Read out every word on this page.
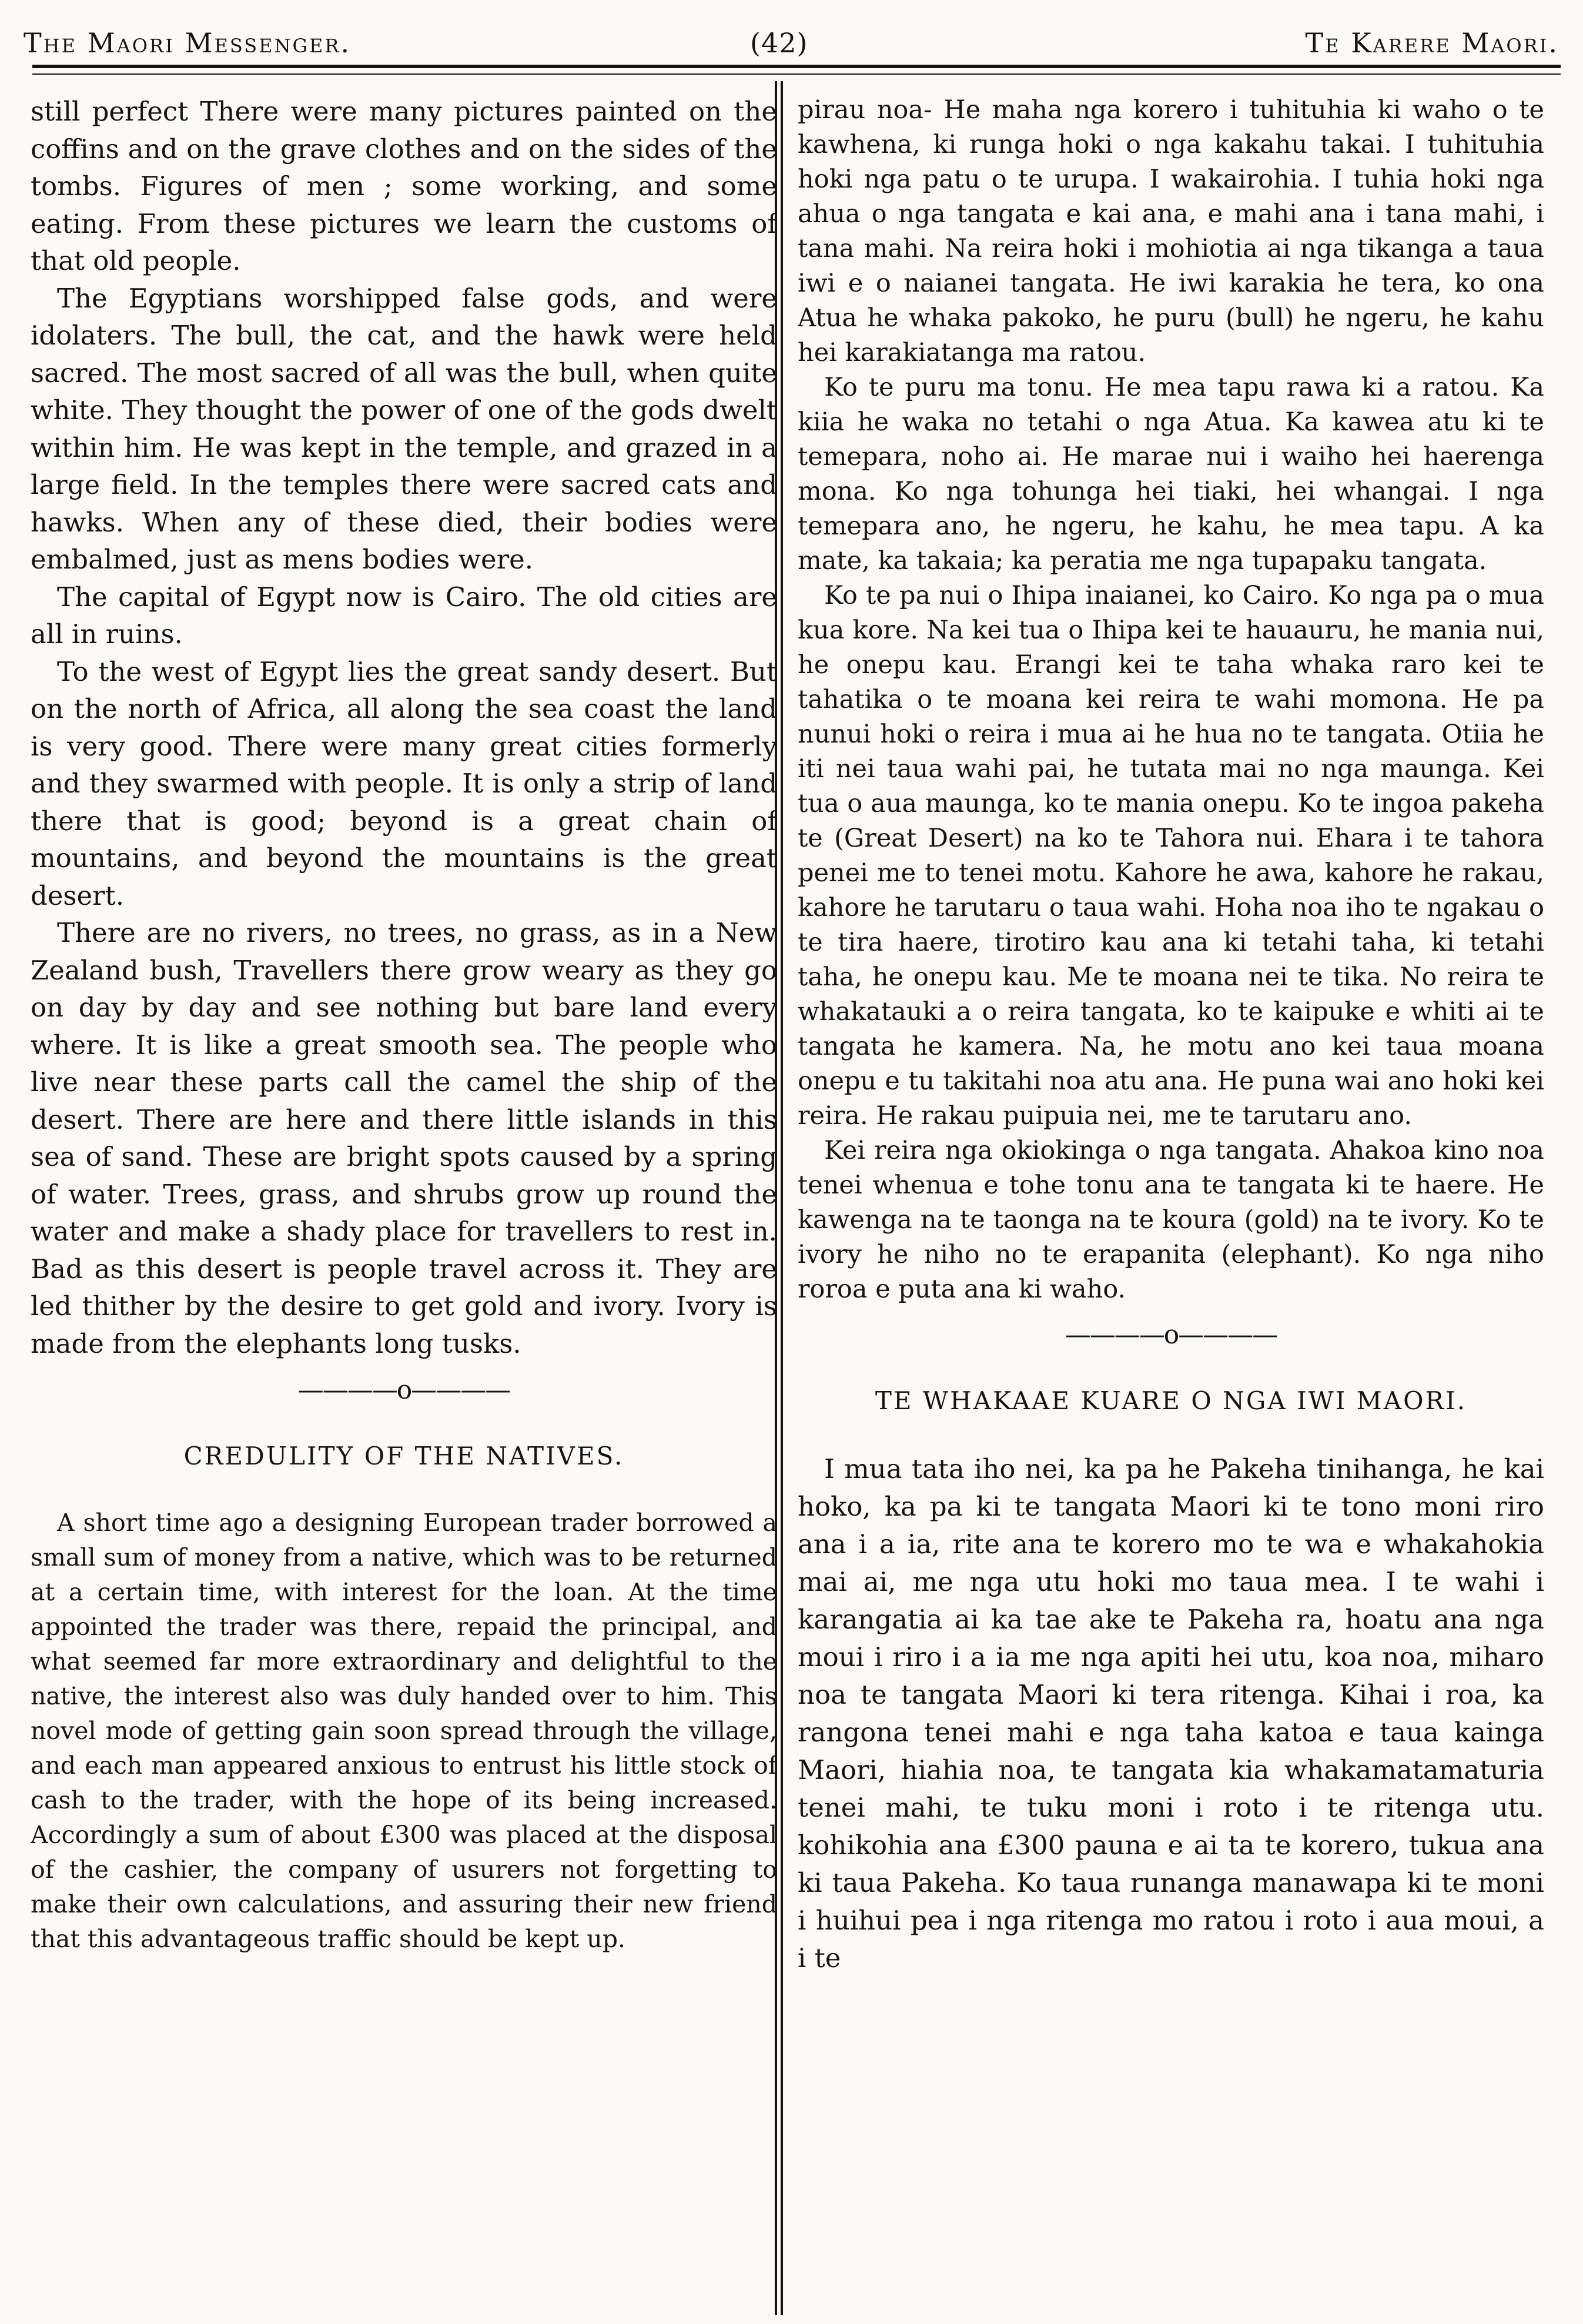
The Maori Messenger.	(42)	Te Karere Maori.

still perfect There were many pictures painted on the coffins and on the grave clothes and on the sides of the tombs. Figures of men ; some working, and some eating. From these pictures we learn the customs of that old people.

The Egyptians worshipped false gods, and were idolaters. The bull, the cat, and the hawk were held sacred. The most sacred of all was the bull, when quite white. They thought the power of one of the gods dwelt within him. He was kept in the temple, and grazed in a large field. In the temples there were sacred cats and hawks. When any of these died, their bodies were embalmed, just as mens bodies were.

The capital of Egypt now is Cairo. The old cities are all in ruins.

To the west of Egypt lies the great sandy desert. But on the north of Africa, all along the sea coast the land is very good. There were many great cities formerly and they swarmed with people. It is only a strip of land there that is good; beyond is a great chain of mountains, and beyond the mountains is the great desert.

There are no rivers, no trees, no grass, as in a New Zealand bush, Travellers there grow weary as they go on day by day and see nothing but bare land every where. It is like a great smooth sea. The people who live near these parts call the camel the ship of the desert. There are here and there little islands in this sea of sand. These are bright spots caused by a spring of water. Trees, grass, and shrubs grow up round the water and make a shady place for travellers to rest in. Bad as this desert is people travel across it. They are led thither by the desire to get gold and ivory. Ivory is made from the elephants long tusks.

————o————
CREDULITY OF THE NATIVES.

A short time ago a designing European trader borrowed a small sum of money from a native, which was to be returned at a certain time, with interest for the loan. At the time appointed the trader was there, repaid the principal, and what seemed far more extraordinary and delightful to the native, the interest also was duly handed over to him. This novel mode of getting gain soon spread through the village, and each man appeared anxious to entrust his little stock of cash to the trader, with the hope of its being increased. Accordingly a sum of about £300 was placed at the disposal of the cashier, the company of usurers not forgetting to make their own calculations, and assuring their new friend that this advantageous traffic should be kept up.

pirau noa- He maha nga korero i tuhituhia ki waho o te kawhena, ki runga hoki o nga kakahu takai. I tuhituhia hoki nga patu o te urupa. I wakairohia. I tuhia hoki nga ahua o nga tangata e kai ana, e mahi ana i tana mahi, i tana mahi. Na reira hoki i mohiotia ai nga tikanga a taua iwi e o naianei tangata. He iwi karakia he tera, ko ona Atua he whaka pakoko, he puru (bull) he ngeru, he kahu hei karakiatanga ma ratou.

Ko te puru ma tonu. He mea tapu rawa ki a ratou. Ka kiia he waka no tetahi o nga Atua. Ka kawea atu ki te temepara, noho ai. He marae nui i waiho hei haerenga mona. Ko nga tohunga hei tiaki, hei whangai. I nga temepara ano, he ngeru, he kahu, he mea tapu. A ka mate, ka takaia; ka peratia me nga tupapaku tangata.

Ko te pa nui o Ihipa inaianei, ko Cairo. Ko nga pa o mua kua kore. Na kei tua o Ihipa kei te hauauru, he mania nui, he onepu kau. Erangi kei te taha whaka raro kei te tahatika o te moana kei reira te wahi momona. He pa nunui hoki o reira i mua ai he hua no te tangata. Otiia he iti nei taua wahi pai, he tutata mai no nga maunga. Kei tua o aua maunga, ko te mania onepu. Ko te ingoa pakeha te (Great Desert) na ko te Tahora nui. Ehara i te tahora penei me to tenei motu. Kahore he awa, kahore he rakau, kahore he tarutaru o taua wahi. Hoha noa iho te ngakau o te tira haere, tirotiro kau ana ki tetahi taha, ki tetahi taha, he onepu kau. Me te moana nei te tika. No reira te whakatauki a o reira tangata, ko te kaipuke e whiti ai te tangata he kamera. Na, he motu ano kei taua moana onepu e tu takitahi noa atu ana. He puna wai ano hoki kei reira. He rakau puipuia nei, me te tarutaru ano.

Kei reira nga okiokinga o nga tangata. Ahakoa kino noa tenei whenua e tohe tonu ana te tangata ki te haere. He kawenga na te taonga na te koura (gold) na te ivory. Ko te ivory he niho no te erapanita (elephant). Ko nga niho roroa e puta ana ki waho.

————o————
TE WHAKAAE KUARE O NGA IWI MAORI.

I mua tata iho nei, ka pa he Pakeha tinihanga, he kai hoko, ka pa ki te tangata Maori ki te tono moni riro ana i a ia, rite ana te korero mo te wa e whakahokia mai ai, me nga utu hoki mo taua mea. I te wahi i karangatia ai ka tae ake te Pakeha ra, hoatu ana nga moui i riro i a ia me nga apiti hei utu, koa noa, miharo noa te tangata Maori ki tera ritenga. Kihai i roa, ka rangona tenei mahi e nga taha katoa e taua kainga Maori, hiahia noa, te tangata kia whakamatamaturia tenei mahi, te tuku moni i roto i te ritenga utu. kohikohia ana £300 pauna e ai ta te korero, tukua ana ki taua Pakeha. Ko taua runanga manawapa ki te moni i huihui pea i nga ritenga mo ratou i roto i aua moui, a i te
